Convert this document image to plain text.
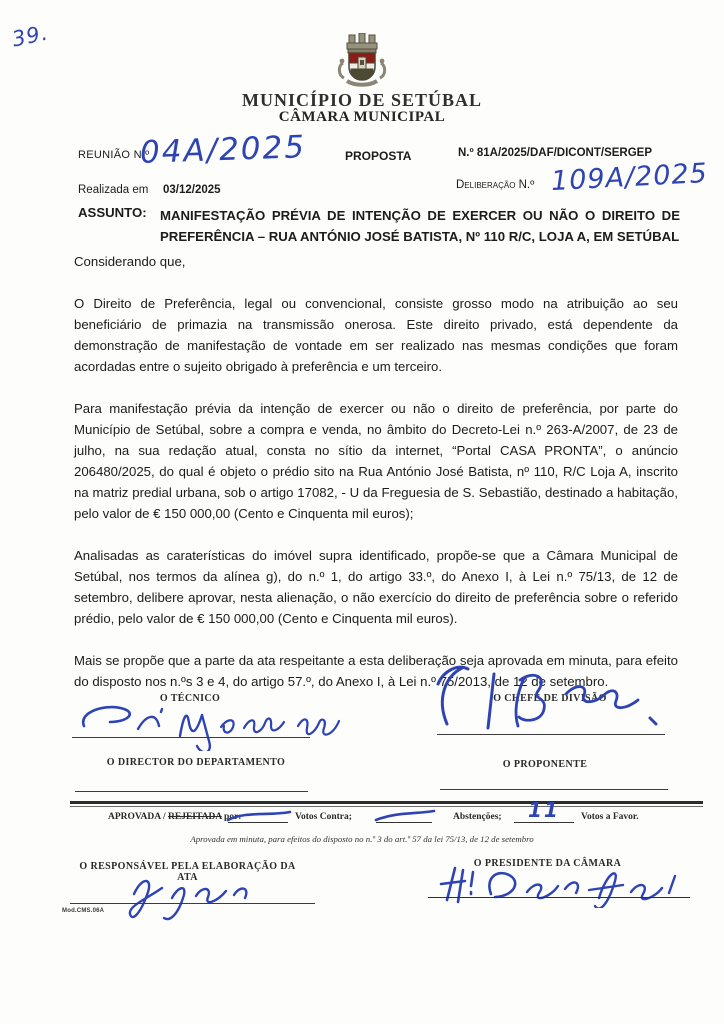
39.
MUNICÍPIO DE SETÚBAL
CÂMARA MUNICIPAL
REUNIÃO N.º
04A/2025	PROPOSTA	N.º 81A/2025/DAF/DICONT/SERGEP
Realizada em 03/12/2025	Deliberação N.º 109A/2025
ASSUNTO: MANIFESTAÇÃO PRÉVIA DE INTENÇÃO DE EXERCER OU NÃO O DIREITO DE PREFERÊNCIA – RUA ANTÓNIO JOSÉ BATISTA, Nº 110 R/C, LOJA A, EM SETÚBAL

Considerando que,

O Direito de Preferência, legal ou convencional, consiste grosso modo na atribuição ao seu beneficiário de primazia na transmissão onerosa. Este direito privado, está dependente da demonstração de manifestação de vontade em ser realizado nas mesmas condições que foram acordadas entre o sujeito obrigado à preferência e um terceiro.

Para manifestação prévia da intenção de exercer ou não o direito de preferência, por parte do Município de Setúbal, sobre a compra e venda, no âmbito do Decreto-Lei n.º 263-A/2007, de 23 de julho, na sua redação atual, consta no sítio da internet, “Portal CASA PRONTA”, o anúncio 206480/2025, do qual é objeto o prédio sito na Rua António José Batista, nº 110, R/C Loja A, inscrito na matriz predial urbana, sob o artigo 17082, - U da Freguesia de S. Sebastião, destinado a habitação, pelo valor de € 150 000,00 (Cento e Cinquenta mil euros);

Analisadas as caraterísticas do imóvel supra identificado, propõe-se que a Câmara Municipal de Setúbal, nos termos da alínea g), do n.º 1, do artigo 33.º, do Anexo I, à Lei n.º 75/13, de 12 de setembro, delibere aprovar, nesta alienação, o não exercício do direito de preferência sobre o referido prédio, pelo valor de € 150 000,00 (Cento e Cinquenta mil euros).

Mais se propõe que a parte da ata respeitante a esta deliberação seja aprovada em minuta, para efeito do disposto nos n.ºs 3 e 4, do artigo 57.º, do Anexo I, à Lei n.º 75/2013, de 12 de setembro.

O TÉCNICO	O CHEFE DE DIVISÃO
O DIRECTOR DO DEPARTAMENTO	O PROPONENTE
APROVADA / REJEITADA por:	Votos Contra;	Abstenções; 11 Votos a Favor.
Aprovada em minuta, para efeitos do disposto no n.º 3 do art.º 57 da lei 75/13, de 12 de setembro
O RESPONSÁVEL PELA ELABORAÇÃO DA ATA
O PRESIDENTE DA CÂMARA
Mod.CMS.06A
